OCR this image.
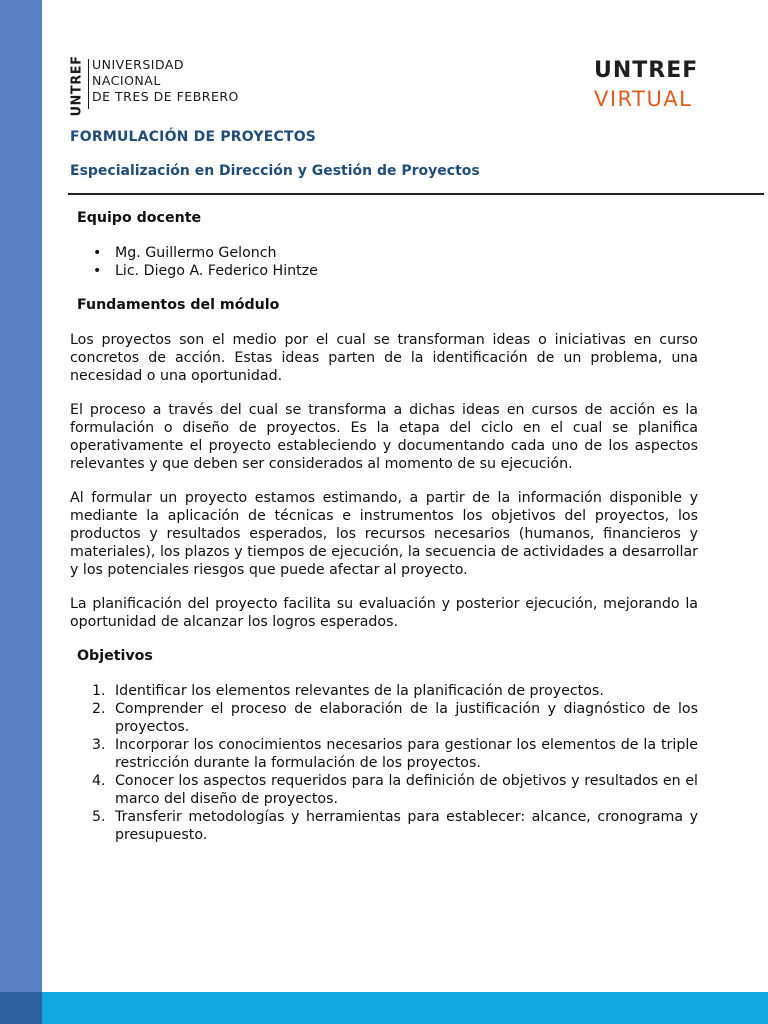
UNTREF UNIVERSIDAD
NACIONAL
DE TRES DE FEBRERO
UNTREF
VIRTUAL
FORMULACIÓN DE PROYECTOS
Especialización en Dirección y Gestión de Proyectos
Equipo docente
• Mg. Guillermo Gelonch
• Lic. Diego A. Federico Hintze
Fundamentos del módulo

Los proyectos son el medio por el cual se transforman ideas o iniciativas en curso concretos de acción. Estas ideas parten de la identificación de un problema, una necesidad o una oportunidad.

El proceso a través del cual se transforma a dichas ideas en cursos de acción es la formulación o diseño de proyectos. Es la etapa del ciclo en el cual se planifica operativamente el proyecto estableciendo y documentando cada uno de los aspectos relevantes y que deben ser considerados al momento de su ejecución.

Al formular un proyecto estamos estimando, a partir de la información disponible y mediante la aplicación de técnicas e instrumentos los objetivos del proyectos, los productos y resultados esperados, los recursos necesarios (humanos, financieros y materiales), los plazos y tiempos de ejecución, la secuencia de actividades a desarrollar y los potenciales riesgos que puede afectar al proyecto.

La planificación del proyecto facilita su evaluación y posterior ejecución, mejorando la oportunidad de alcanzar los logros esperados.

Objetivos
1. Identificar los elementos relevantes de la planificación de proyectos.
2. Comprender el proceso de elaboración de la justificación y diagnóstico de los proyectos.
3. Incorporar los conocimientos necesarios para gestionar los elementos de la triple restricción durante la formulación de los proyectos.
4. Conocer los aspectos requeridos para la definición de objetivos y resultados en el marco del diseño de proyectos.
5. Transferir metodologías y herramientas para establecer: alcance, cronograma y presupuesto.
